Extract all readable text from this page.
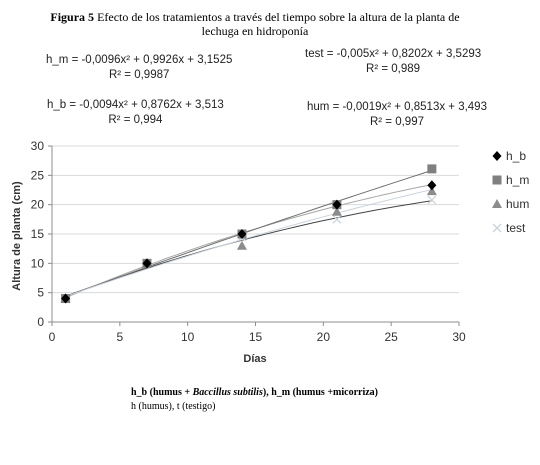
Figura 5 Efecto de los tratamientos a través del tiempo sobre la altura de la planta de lechuga en hidroponía
h_m = -0,0096x² + 0,9926x + 3,1525
R² = 0,9987
test = -0,005x² + 0,8202x + 3,5293
R² = 0,989
h_b = -0,0094x² + 0,8762x + 3,513
R² = 0,994
hum = -0,0019x² + 0,8513x + 3,493
R² = 0,997
0	5	10	15	20	25	30
0
5
10
15
20
25
30
h_b
h_m
hum
test
Días
Altura de planta (cm)
h_b (humus + Baccillus subtilis), h_m (humus +micorriza)
h (humus), t (testigo)
